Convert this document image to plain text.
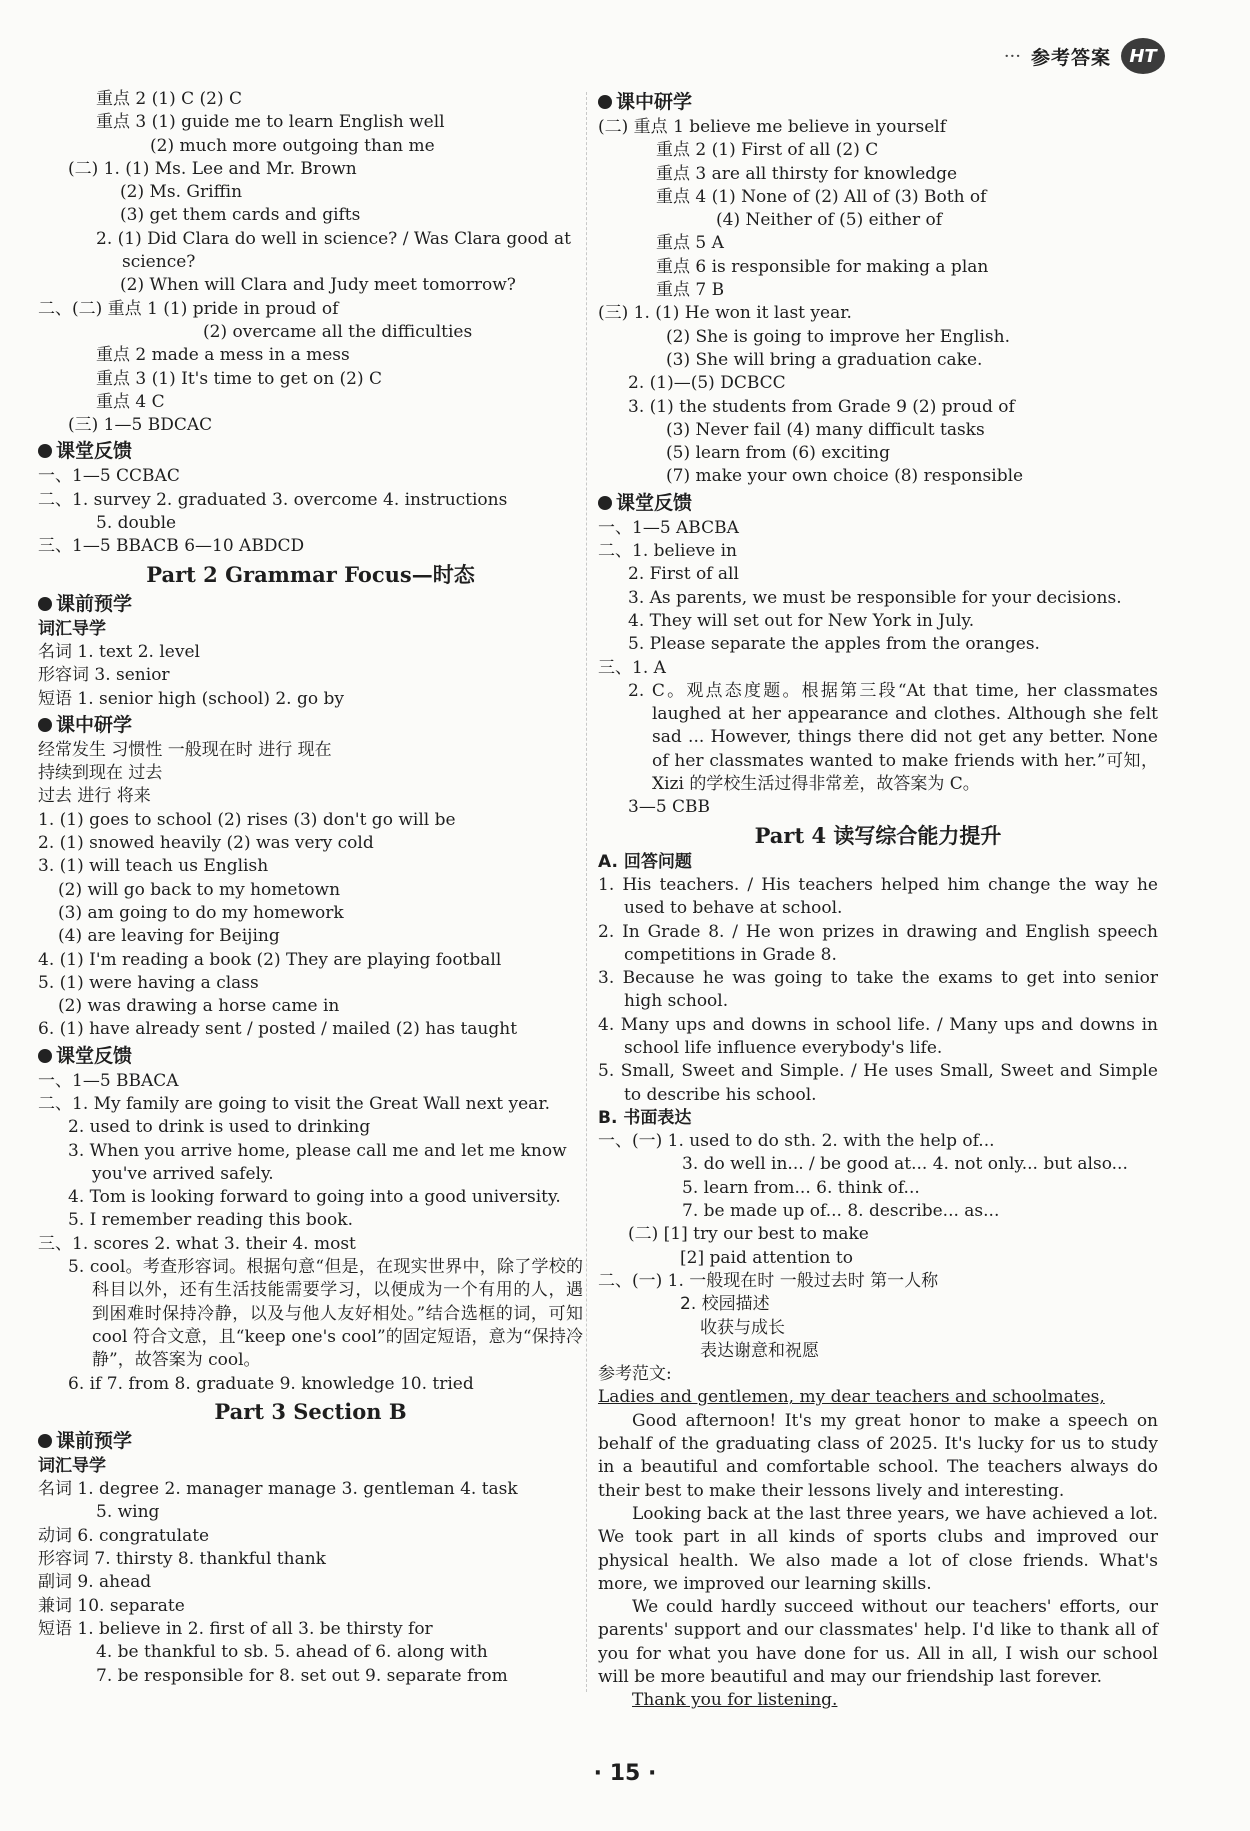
··· 参考答案	HT
重点 2 (1) C (2) C
重点 3 (1) guide me to learn English well
(2) much more outgoing than me
(二) 1. (1) Ms. Lee and Mr. Brown
(2) Ms. Griffin
(3) get them cards and gifts
2. (1) Did Clara do well in science? / Was Clara good at science?
(2) When will Clara and Judy meet tomorrow?
二、(二) 重点 1 (1) pride in proud of
(2) overcame all the difficulties
重点 2 made a mess in a mess
重点 3 (1) It's time to get on (2) C
重点 4 C
(三) 1—5 BDCAC
课堂反馈
一、1—5 CCBAC
二、1. survey 2. graduated 3. overcome 4. instructions
5. double
三、1—5 BBACB 6—10 ABDCD
Part 2 Grammar Focus—时态
课前预学
词汇导学
名词 1. text 2. level
形容词 3. senior
短语 1. senior high (school) 2. go by
课中研学
经常发生 习惯性 一般现在时 进行 现在
持续到现在 过去
过去 进行 将来
1. (1) goes to school (2) rises (3) don't go will be
2. (1) snowed heavily (2) was very cold
3. (1) will teach us English
(2) will go back to my hometown
(3) am going to do my homework
(4) are leaving for Beijing
4. (1) I'm reading a book (2) They are playing football
5. (1) were having a class
(2) was drawing a horse came in
6. (1) have already sent / posted / mailed (2) has taught
课堂反馈
一、1—5 BBACA
二、1. My family are going to visit the Great Wall next year.
2. used to drink is used to drinking
3. When you arrive home, please call me and let me know you've arrived safely.
4. Tom is looking forward to going into a good university.
5. I remember reading this book.
三、1. scores 2. what 3. their 4. most
5. cool。考查形容词。根据句意“但是，在现实世界中，除了学校的科目以外，还有生活技能需要学习，以便成为一个有用的人，遇到困难时保持冷静，以及与他人友好相处。”结合选框的词，可知 cool 符合文意，且“keep one's cool”的固定短语，意为“保持冷静”，故答案为 cool。
6. if 7. from 8. graduate 9. knowledge 10. tried
Part 3 Section B
课前预学
词汇导学
名词 1. degree 2. manager manage 3. gentleman 4. task
5. wing
动词 6. congratulate
形容词 7. thirsty 8. thankful thank
副词 9. ahead
兼词 10. separate
短语 1. believe in 2. first of all 3. be thirsty for
4. be thankful to sb. 5. ahead of 6. along with
7. be responsible for 8. set out 9. separate from
课中研学
(二) 重点 1 believe me believe in yourself
重点 2 (1) First of all (2) C
重点 3 are all thirsty for knowledge
重点 4 (1) None of (2) All of (3) Both of
(4) Neither of (5) either of
重点 5 A
重点 6 is responsible for making a plan
重点 7 B
(三) 1. (1) He won it last year.
(2) She is going to improve her English.
(3) She will bring a graduation cake.
2. (1)—(5) DCBCC
3. (1) the students from Grade 9 (2) proud of
(3) Never fail (4) many difficult tasks
(5) learn from (6) exciting
(7) make your own choice (8) responsible
课堂反馈
一、1—5 ABCBA
二、1. believe in
2. First of all
3. As parents, we must be responsible for your decisions.
4. They will set out for New York in July.
5. Please separate the apples from the oranges.
三、1. A
2. C。观点态度题。根据第三段“At that time, her classmates laughed at her appearance and clothes. Although she felt sad ... However, things there did not get any better. None of her classmates wanted to make friends with her.”可知，Xizi 的学校生活过得非常差，故答案为 C。
3—5 CBB
Part 4 读写综合能力提升
A. 回答问题
1. His teachers. / His teachers helped him change the way he used to behave at school.
2. In Grade 8. / He won prizes in drawing and English speech competitions in Grade 8.
3. Because he was going to take the exams to get into senior high school.
4. Many ups and downs in school life. / Many ups and downs in school life influence everybody's life.
5. Small, Sweet and Simple. / He uses Small, Sweet and Simple to describe his school.
B. 书面表达
一、(一) 1. used to do sth. 2. with the help of...
3. do well in... / be good at... 4. not only... but also...
5. learn from... 6. think of...
7. be made up of... 8. describe... as...
(二) [1] try our best to make
[2] paid attention to
二、(一) 1. 一般现在时 一般过去时 第一人称
2. 校园描述
收获与成长
表达谢意和祝愿
参考范文:
Ladies and gentlemen, my dear teachers and schoolmates,
Good afternoon! It's my great honor to make a speech on behalf of the graduating class of 2025. It's lucky for us to study in a beautiful and comfortable school. The teachers always do their best to make their lessons lively and interesting.
Looking back at the last three years, we have achieved a lot. We took part in all kinds of sports clubs and improved our physical health. We also made a lot of close friends. What's more, we improved our learning skills.
We could hardly succeed without our teachers' efforts, our parents' support and our classmates' help. I'd like to thank all of you for what you have done for us. All in all, I wish our school will be more beautiful and may our friendship last forever.
Thank you for listening.
· 15 ·
